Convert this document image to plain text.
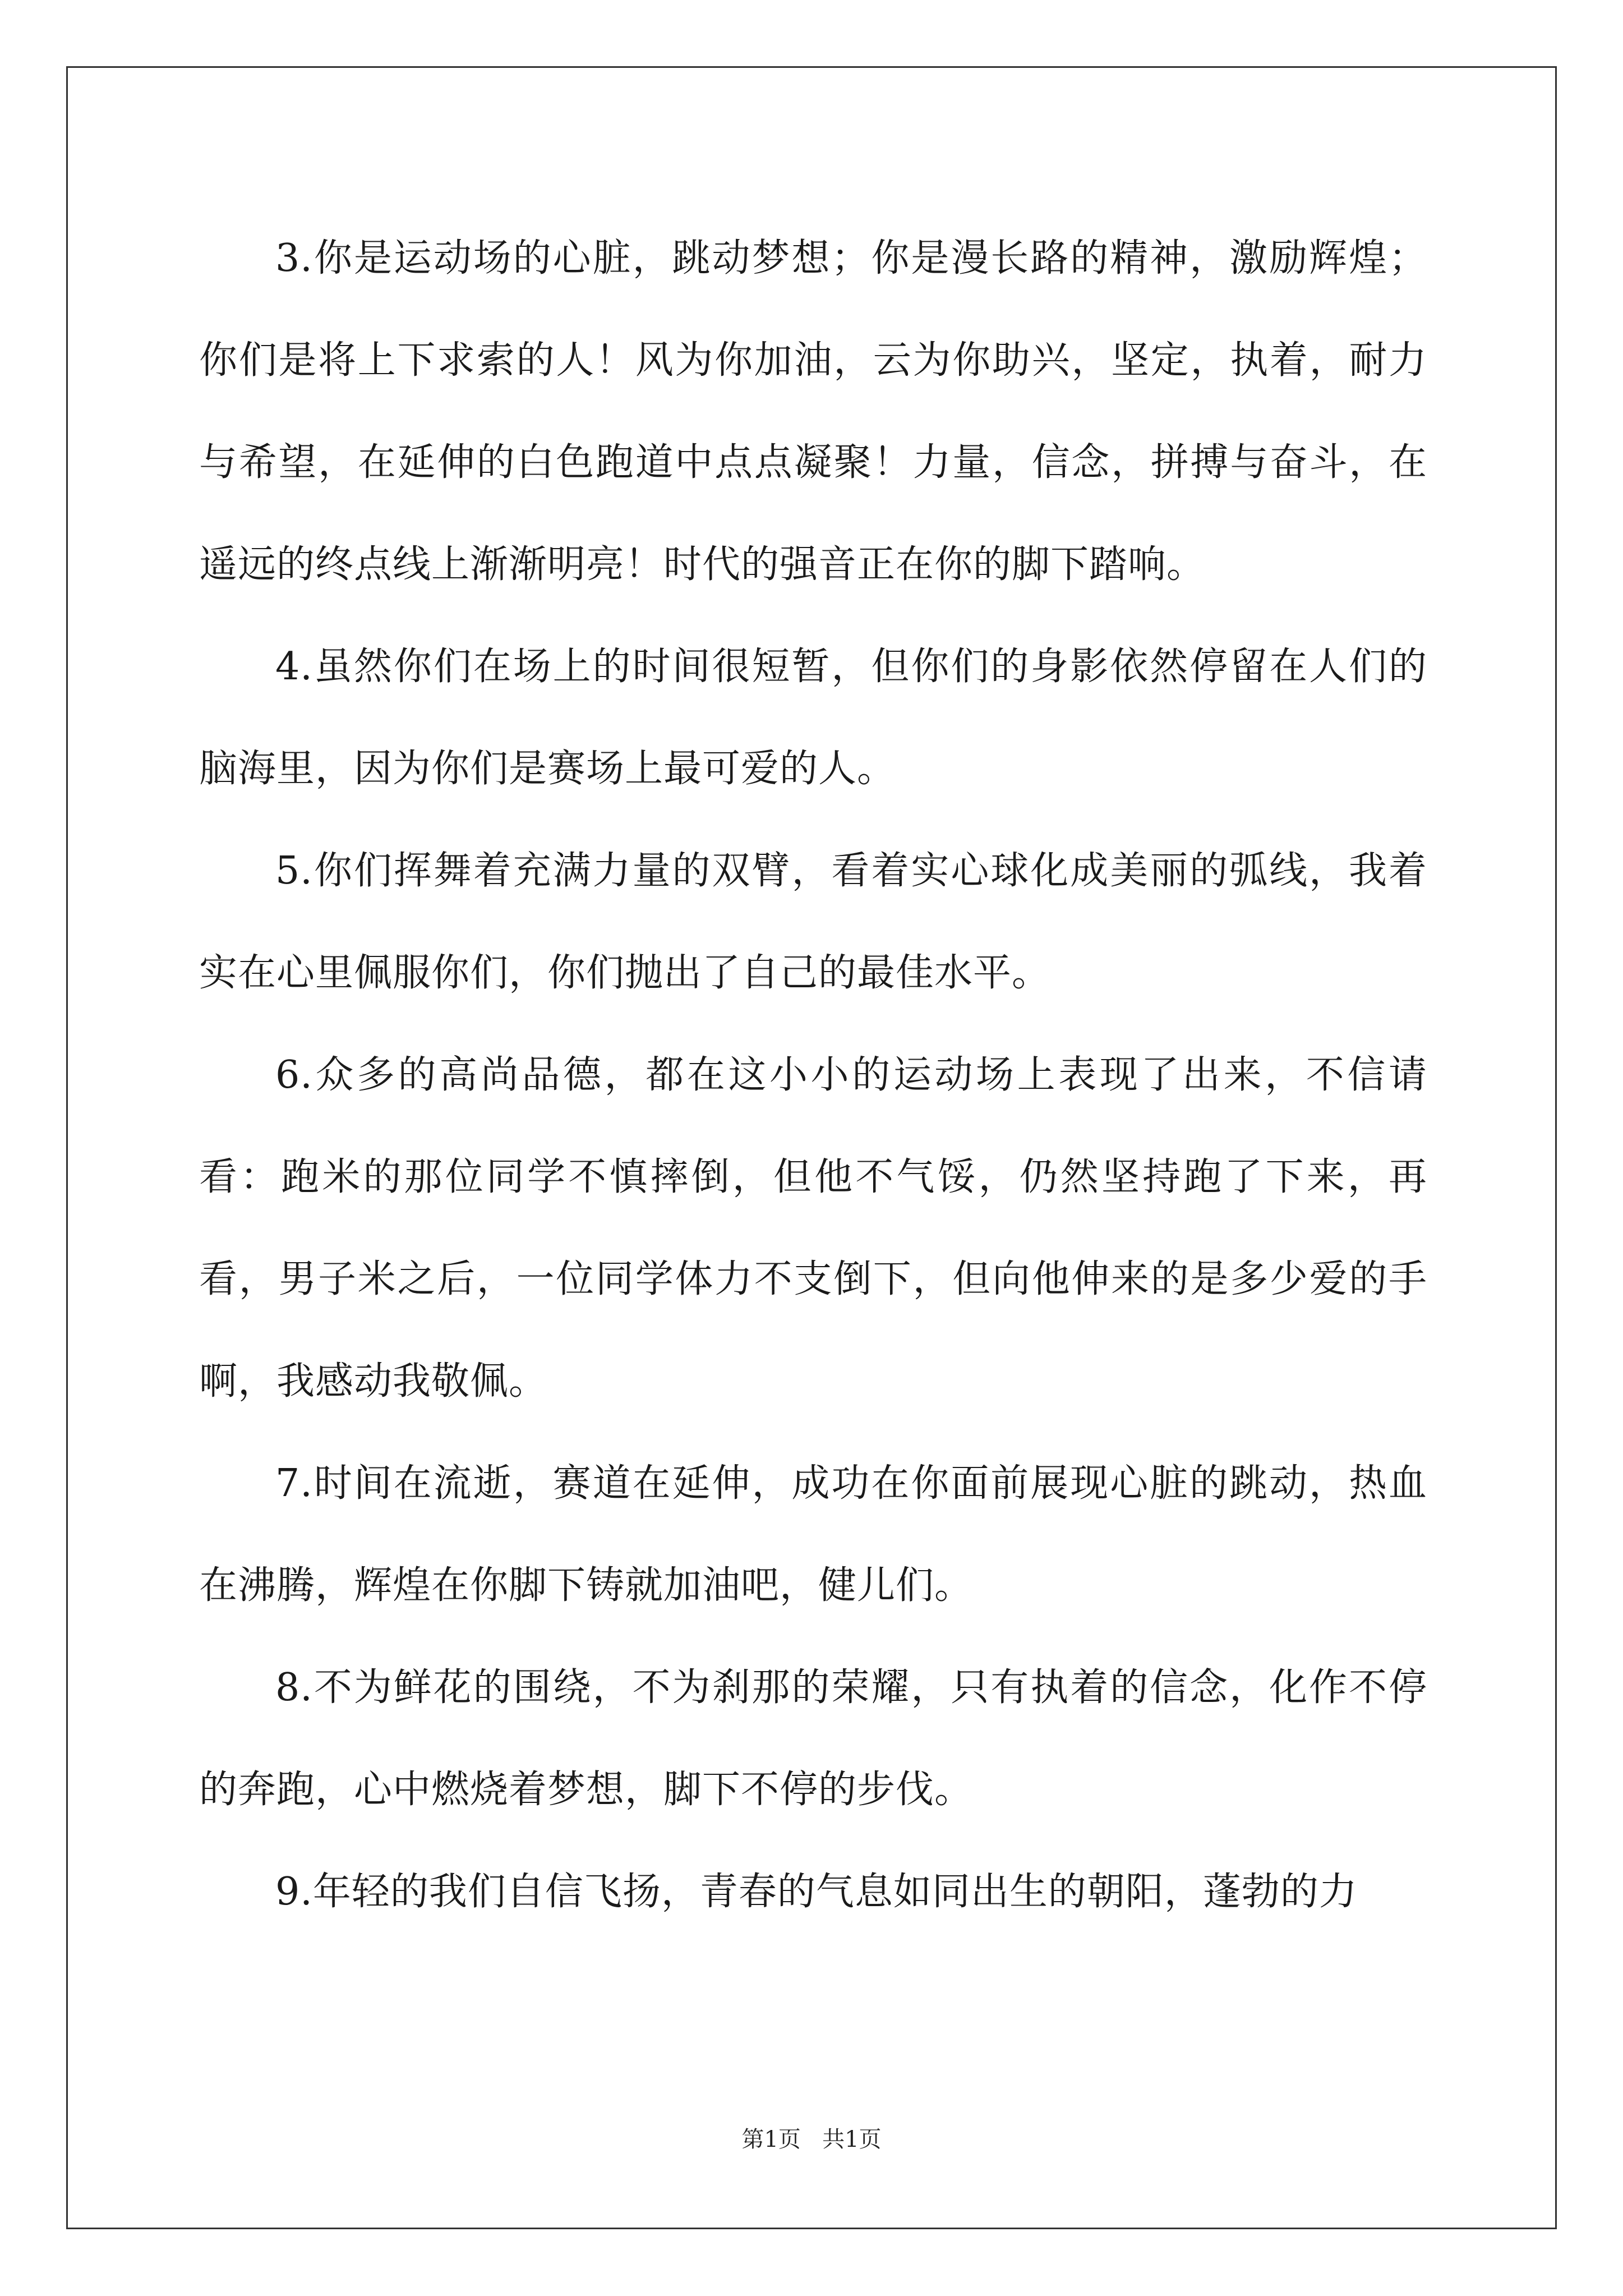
3.你是运动场的心脏，跳动梦想；你是漫长路的精神，激励辉煌；你们是将上下求索的人！风为你加油，云为你助兴，坚定，执着，耐力与希望，在延伸的白色跑道中点点凝聚！力量，信念，拼搏与奋斗，在遥远的终点线上渐渐明亮！时代的强音正在你的脚下踏响。

4.虽然你们在场上的时间很短暂，但你们的身影依然停留在人们的脑海里，因为你们是赛场上最可爱的人。

5.你们挥舞着充满力量的双臂，看着实心球化成美丽的弧线，我着实在心里佩服你们，你们抛出了自己的最佳水平。

6.众多的高尚品德，都在这小小的运动场上表现了出来，不信请看：跑米的那位同学不慎摔倒，但他不气馁，仍然坚持跑了下来，再看，男子米之后，一位同学体力不支倒下，但向他伸来的是多少爱的手啊，我感动我敬佩。

7.时间在流逝，赛道在延伸，成功在你面前展现心脏的跳动，热血在沸腾，辉煌在你脚下铸就加油吧，健儿们。

8.不为鲜花的围绕，不为刹那的荣耀，只有执着的信念，化作不停的奔跑，心中燃烧着梦想，脚下不停的步伐。

9.年轻的我们自信飞扬，青春的气息如同出生的朝阳，蓬勃的力

第1页 共1页
